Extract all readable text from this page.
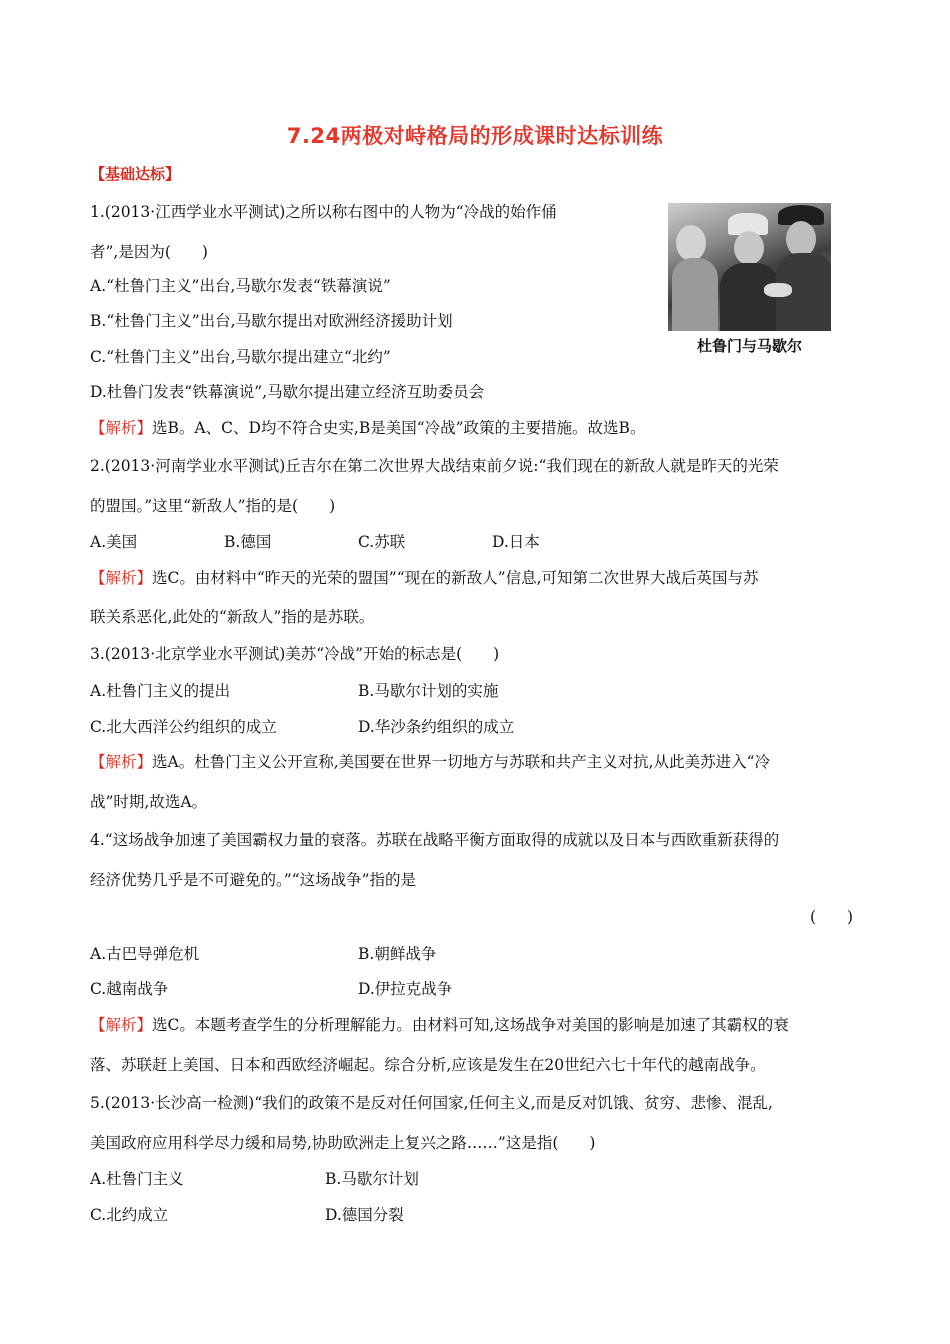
7.24两极对峙格局的形成课时达标训练
【基础达标】
杜鲁门与马歇尔
1.(2013·江西学业水平测试)之所以称右图中的人物为“冷战的始作俑
者”,是因为(　　)
A.“杜鲁门主义”出台,马歇尔发表“铁幕演说”
B.“杜鲁门主义”出台,马歇尔提出对欧洲经济援助计划
C.“杜鲁门主义”出台,马歇尔提出建立“北约”
D.杜鲁门发表“铁幕演说”,马歇尔提出建立经济互助委员会
【解析】选B。A、C、D均不符合史实,B是美国“冷战”政策的主要措施。故选B。
2.(2013·河南学业水平测试)丘吉尔在第二次世界大战结束前夕说:“我们现在的新敌人就是昨天的光荣
的盟国。”这里“新敌人”指的是(　　)
A.美国	B.德国	C.苏联	D.日本
【解析】选C。由材料中“昨天的光荣的盟国”“现在的新敌人”信息,可知第二次世界大战后英国与苏
联关系恶化,此处的“新敌人”指的是苏联。
3.(2013·北京学业水平测试)美苏“冷战”开始的标志是(　　)
A.杜鲁门主义的提出	B.马歇尔计划的实施
C.北大西洋公约组织的成立	D.华沙条约组织的成立
【解析】选A。杜鲁门主义公开宣称,美国要在世界一切地方与苏联和共产主义对抗,从此美苏进入“冷
战”时期,故选A。
4.“这场战争加速了美国霸权力量的衰落。苏联在战略平衡方面取得的成就以及日本与西欧重新获得的
经济优势几乎是不可避免的。”“这场战争”指的是
(　　)
A.古巴导弹危机	B.朝鲜战争
C.越南战争	D.伊拉克战争
【解析】选C。本题考查学生的分析理解能力。由材料可知,这场战争对美国的影响是加速了其霸权的衰
落、苏联赶上美国、日本和西欧经济崛起。综合分析,应该是发生在20世纪六七十年代的越南战争。
5.(2013·长沙高一检测)“我们的政策不是反对任何国家,任何主义,而是反对饥饿、贫穷、悲惨、混乱,
美国政府应用科学尽力缓和局势,协助欧洲走上复兴之路……”这是指(　　)
A.杜鲁门主义	B.马歇尔计划
C.北约成立	D.德国分裂
